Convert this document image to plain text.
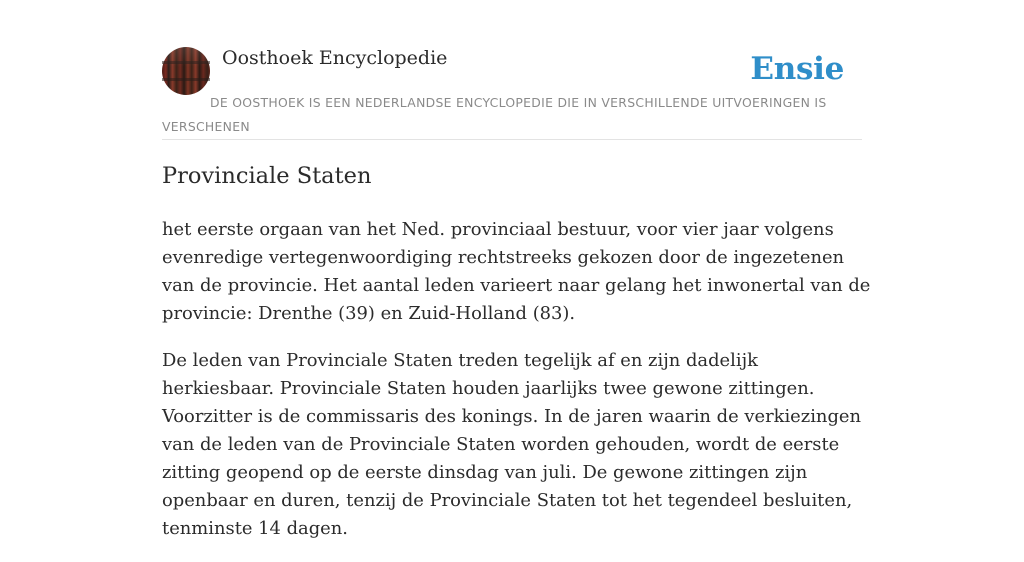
Oosthoek Encyclopedie	Ensie
DE OOSTHOEK IS EEN NEDERLANDSE ENCYCLOPEDIE DIE IN VERSCHILLENDE UITVOERINGEN IS VERSCHENEN
Provinciale Staten

het eerste orgaan van het Ned. provinciaal bestuur, voor vier jaar volgens evenredige vertegenwoordiging rechtstreeks gekozen door de ingezetenen van de provincie. Het aantal leden varieert naar gelang het inwonertal van de provincie: Drenthe (39) en Zuid-Holland (83).

De leden van Provinciale Staten treden tegelijk af en zijn dadelijk herkiesbaar. Provinciale Staten houden jaarlijks twee gewone zittingen. Voorzitter is de commissaris des konings. In de jaren waarin de verkiezingen van de leden van de Provinciale Staten worden gehouden, wordt de eerste zitting geopend op de eerste dinsdag van juli. De gewone zittingen zijn openbaar en duren, tenzij de Provinciale Staten tot het tegendeel besluiten, tenminste 14 dagen.
